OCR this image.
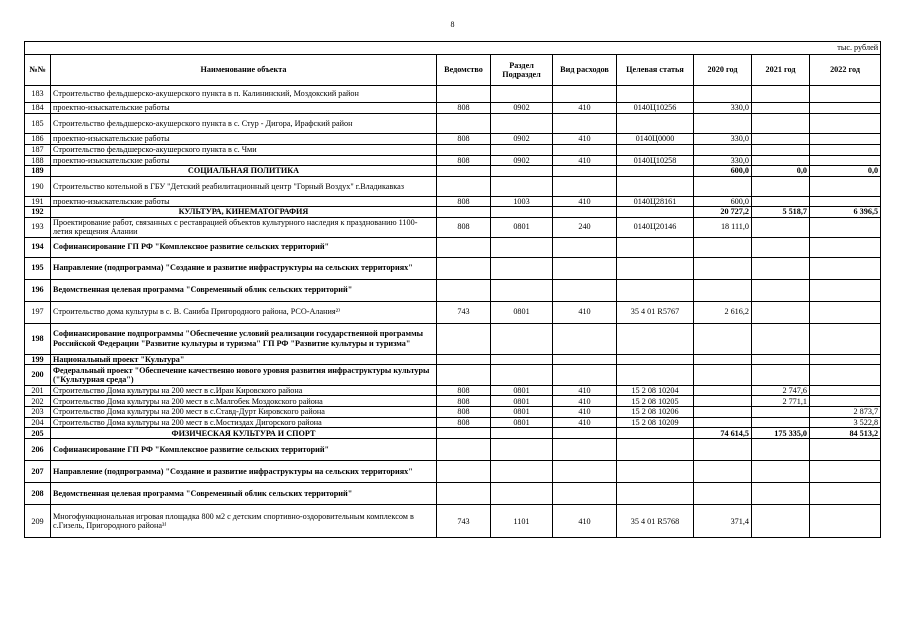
8
	тыс. рублей							
№№	Наименование объекта	Ведомство	Раздел Подраздел	Вид расходов	Целевая статья	2020 год	2021 год	2022 год
183	Строительство фельдшерско-акушерского пункта в п. Калининский, Моздокский район							
184	проектно-изыскательские работы	808	0902	410	0140Ц10256	330,0		
185	Строительство фельдшерско-акушерского пункта в с. Стур - Дигора, Ирафский район							
186	проектно-изыскательские работы	808	0902	410	0140Ц0000	330,0		
187	Строительство фельдшерско-акушерского пункта в с. Чми							
188	проектно-изыскательские работы	808	0902	410	0140Ц10258	330,0		
189	СОЦИАЛЬНАЯ ПОЛИТИКА					600,0	0,0	0,0
190	Строительство котельной в ГБУ "Детский реабилитационный центр "Горный Воздух" г.Владикавказ							
191	проектно-изыскательские работы	808	1003	410	0140Ц28161	600,0		
192	КУЛЬТУРА, КИНЕМАТОГРАФИЯ					20 727,2	5 518,7	6 396,5
193	Проектирование работ, связанных с реставрацией объектов культурного наследия к празднованию 1100-летия крещения Алании	808	0801	240	0140Ц20146	18 111,0		
194	Софинансирование ГП РФ "Комплексное развитие сельских территорий"							
195	Направление (подпрограмма) "Создание и развитие инфраструктуры на сельских территориях"							
196	Ведомственная целевая программа "Современный облик сельских территорий"							
197	Строительство дома культуры в с. В. Саниба Пригородного района, РСО-Алания²⁾	743	0801	410	35 4 01 R5767	2 616,2		
198	Софинансирование подпрограммы "Обеспечение условий реализации государственной программы Российской Федерации "Развитие культуры и туризма" ГП РФ "Развитие культуры и туризма"							
199	Национальный проект "Культура"							
200	Федеральный проект "Обеспечение качественно нового уровня развития инфраструктуры культуры ("Культурная среда")							
201	Строительство Дома культуры на 200 мест в с.Иран Кировского района	808	0801	410	15 2 08 10204		2 747,6	
202	Строительство Дома культуры на 200 мест в с.Малгобек Моздокского района	808	0801	410	15 2 08 10205		2 771,1	
203	Строительство Дома культуры на 200 мест в с.Ставд-Дурт Кировского района	808	0801	410	15 2 08 10206			2 873,7
204	Строительство Дома культуры на 200 мест в с.Мостиздах Дигорского района	808	0801	410	15 2 08 10209			3 522,8
205	ФИЗИЧЕСКАЯ КУЛЬТУРА И СПОРТ					74 614,5	175 335,0	84 513,2
206	Софинансирование ГП РФ "Комплексное развитие сельских территорий"							
207	Направление (подпрограмма) "Создание и развитие инфраструктуры на сельских территориях"							
208	Ведомственная целевая программа "Современный облик сельских территорий"							
209	Многофункциональная игровая площадка 800 м2 с детским спортивно-оздоровительным комплексом в с.Гизель, Пригородного района³⁾	743	1101	410	35 4 01 R5768	371,4		
